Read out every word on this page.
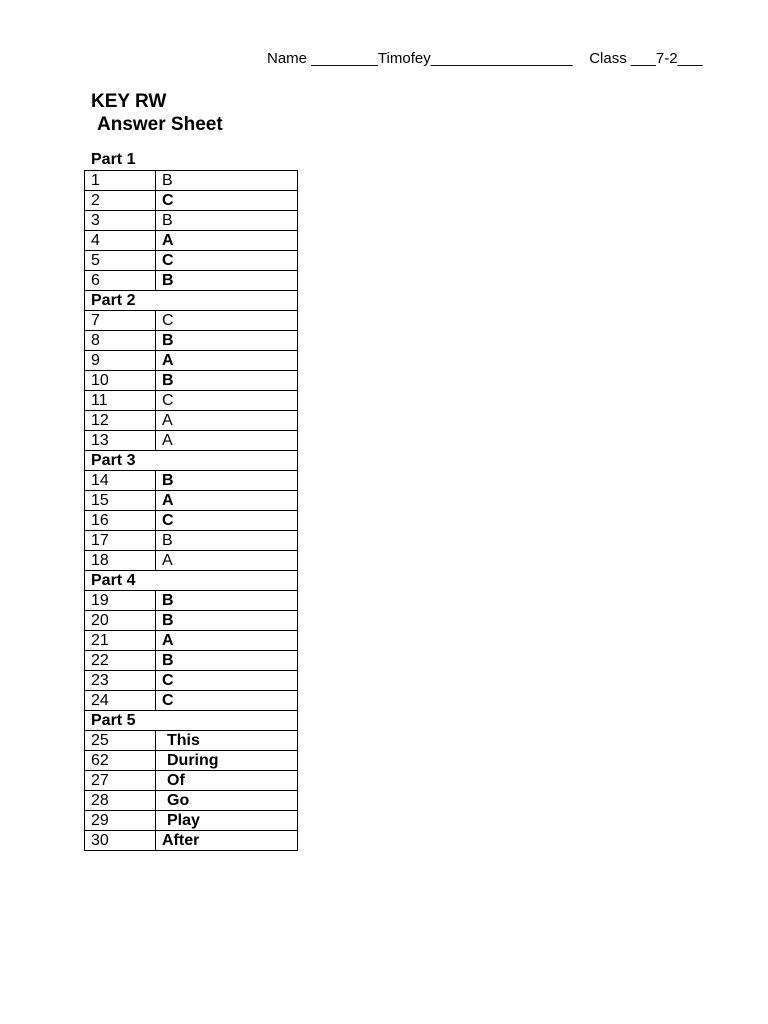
Name ________Timofey_________________    Class ___7-2___
KEY RW
Answer Sheet
Part 1
1	B
2	C
3	B
4	A
5	C
6	B
Part 2	
7	C
8	B
9	A
10	B
11	C
12	A
13	A
Part 3	
14	B
15	A
16	C
17	B
18	A
Part 4	
19	B
20	B
21	A
22	B
23	C
24	C
Part 5	
25	This
62	During
27	Of
28	Go
29	Play
30	After
